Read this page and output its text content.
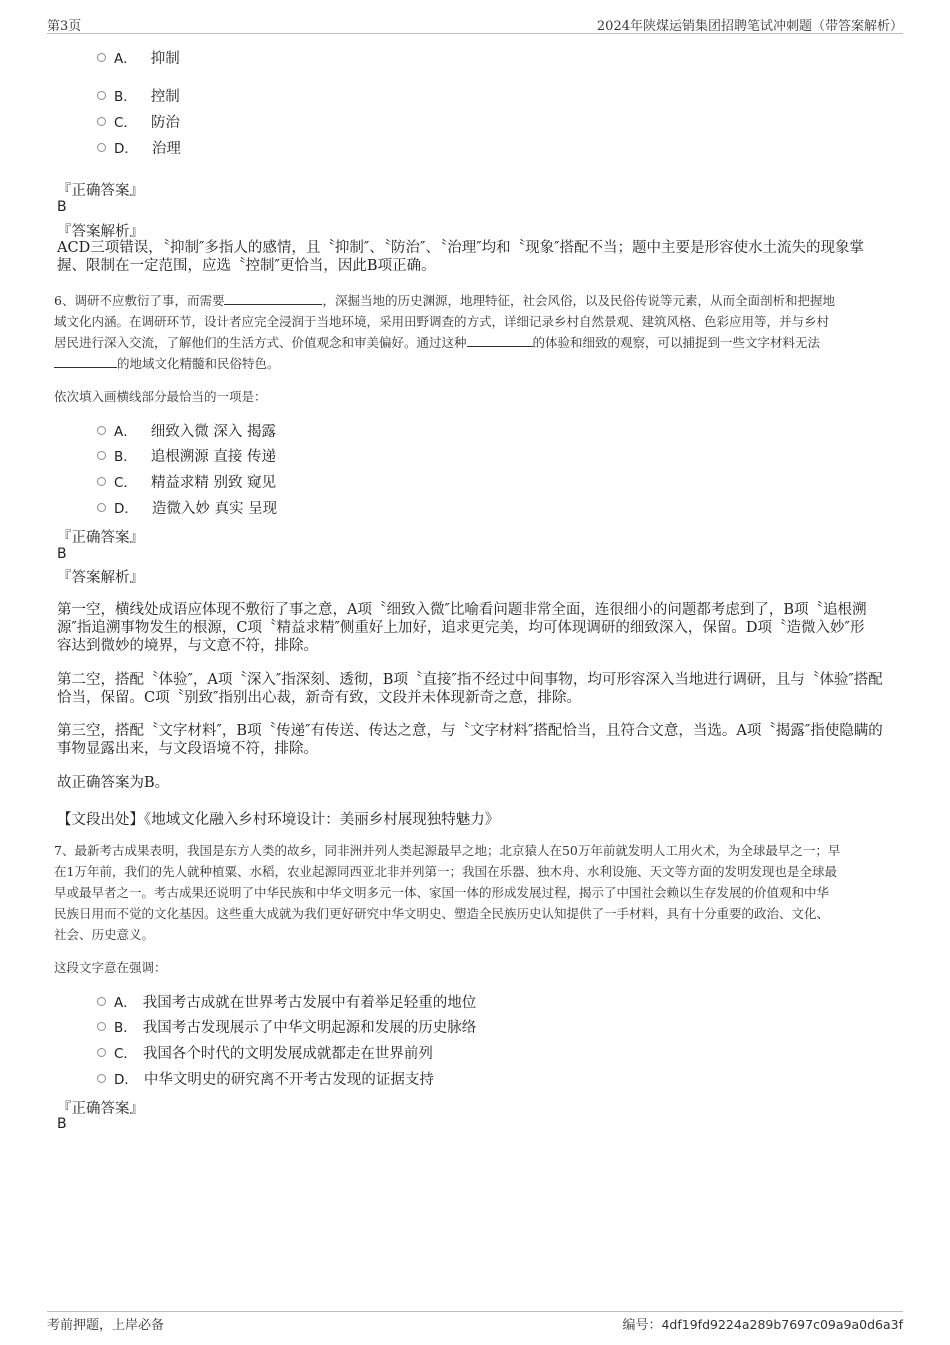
第3页	2024年陕煤运销集团招聘笔试冲刺题（带答案解析）
A． 抑制
B． 控制
C． 防治
D． 治理
『正确答案』
B
『答案解析』
ACD三项错误，〝抑制″多指人的感情，且〝抑制″、〝防治″、〝治理″均和〝现象″搭配不当；题中主要是形容使水土流失的现象掌
握、限制在一定范围，应选〝控制″更恰当，因此B项正确。
6、调研不应敷衍了事，而需要	，深掘当地的历史渊源，地理特征，社会风俗，以及民俗传说等元素，从而全面剖析和把握地
域文化内涵。在调研环节，设计者应完全浸润于当地环境，采用田野调查的方式，详细记录乡村自然景观、建筑风格、色彩应用等，并与乡村
居民进行深入交流，了解他们的生活方式、价值观念和审美偏好。通过这种	的体验和细致的观察，可以捕捉到一些文字材料无法
的地域文化精髓和民俗特色。
依次填入画横线部分最恰当的一项是：
A． 细致入微 深入 揭露
B． 追根溯源 直接 传递
C． 精益求精 别致 窥见
D． 造微入妙 真实 呈现
『正确答案』
B
『答案解析』
第一空，横线处成语应体现不敷衍了事之意，A项〝细致入微″比喻看问题非常全面，连很细小的问题都考虑到了，B项〝追根溯
源″指追溯事物发生的根源，C项〝精益求精″侧重好上加好，追求更完美，均可体现调研的细致深入，保留。D项〝造微入妙″形
容达到微妙的境界，与文意不符，排除。
第二空，搭配〝体验″，A项〝深入″指深刻、透彻，B项〝直接″指不经过中间事物，均可形容深入当地进行调研，且与〝体验″搭配
恰当，保留。C项〝别致″指别出心裁，新奇有致，文段并未体现新奇之意，排除。
第三空，搭配〝文字材料″，B项〝传递″有传送、传达之意，与〝文字材料″搭配恰当，且符合文意，当选。A项〝揭露″指使隐瞒的
事物显露出来，与文段语境不符，排除。
故正确答案为B。
【文段出处】《地域文化融入乡村环境设计：美丽乡村展现独特魅力》
7、最新考古成果表明，我国是东方人类的故乡，同非洲并列人类起源最早之地；北京猿人在50万年前就发明人工用火术，为全球最早之一；早
在1万年前，我们的先人就种植粟、水稻，农业起源同西亚北非并列第一；我国在乐器、独木舟、水利设施、天文等方面的发明发现也是全球最
早或最早者之一。考古成果还说明了中华民族和中华文明多元一体、家国一体的形成发展过程，揭示了中国社会赖以生存发展的价值观和中华
民族日用而不觉的文化基因。这些重大成就为我们更好研究中华文明史、塑造全民族历史认知提供了一手材料，具有十分重要的政治、文化、
社会、历史意义。
这段文字意在强调：
A． 我国考古成就在世界考古发展中有着举足轻重的地位
B． 我国考古发现展示了中华文明起源和发展的历史脉络
C． 我国各个时代的文明发展成就都走在世界前列
D． 中华文明史的研究离不开考古发现的证据支持
『正确答案』
B
考前押题，上岸必备	编号：4df19fd9224a289b7697c09a9a0d6a3f
